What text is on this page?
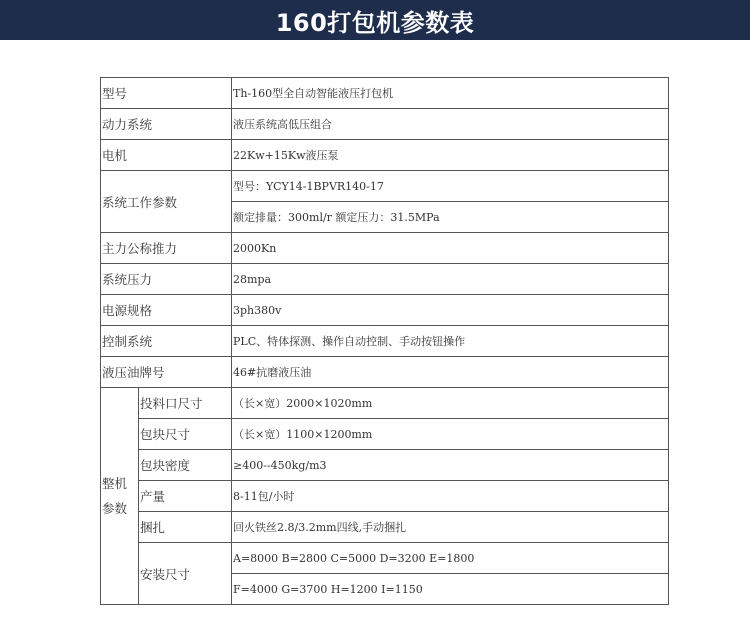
160打包机参数表
型号		Th-160型全自动智能液压打包机
动力系统		液压系统高低压组合
电机		22Kw+15Kw液压泵
系统工作参数		型号：YCY14-1BPVR140-17
		额定排量：300ml/r 额定压力：31.5MPa
主力公称推力		2000Kn
系统压力		28mpa
电源规格		3ph380v
控制系统		PLC、特体探测、操作自动控制、手动按钮操作
液压油牌号		46#抗磨液压油
整机参数	投料口尺寸	（长×宽）2000×1020mm
	包块尺寸	（长×宽）1100×1200mm
	包块密度	≥400--450kg/m3
	产量	8-11包/小时
	捆扎	回火铁丝2.8/3.2mm四线,手动捆扎
	安装尺寸	A=8000 B=2800 C=5000 D=3200 E=1800
		F=4000 G=3700 H=1200 I=1150
